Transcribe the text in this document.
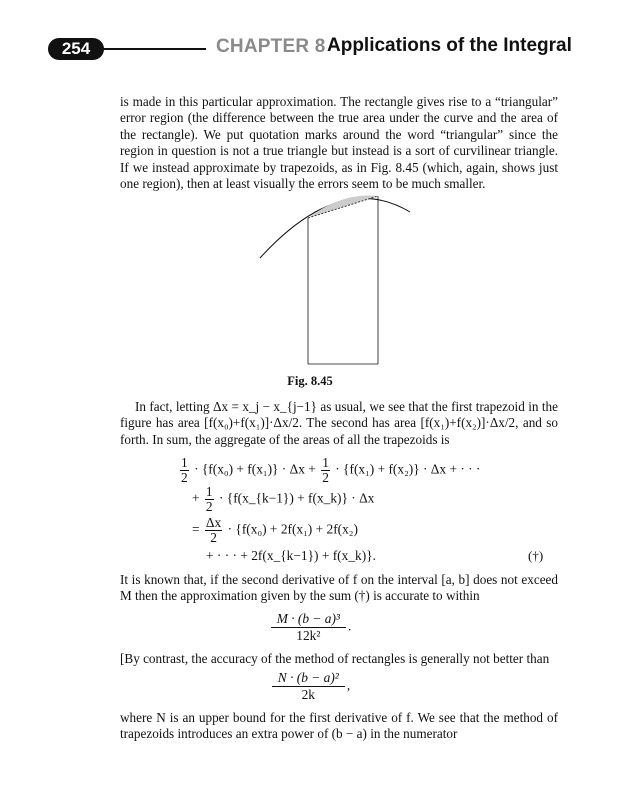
254	CHAPTER 8 Applications of the Integral
is made in this particular approximation. The rectangle gives rise to a “triangular” error region (the difference between the true area under the curve and the area of the rectangle). We put quotation marks around the word “triangular” since the region in question is not a true triangle but instead is a sort of curvilinear triangle. If we instead approximate by trapezoids, as in Fig. 8.45 (which, again, shows just one region), then at least visually the errors seem to be much smaller.
Fig. 8.45
In fact, letting Δx = x_j − x_{j−1} as usual, we see that the first trapezoid in the figure has area [f(x₀)+f(x₁)]·Δx/2. The second has area [f(x₁)+f(x₂)]·Δx/2, and so forth. In sum, the aggregate of the areas of all the trapezoids is
$\frac{1}{2} \cdot \{f(x_0) + f(x_1)\} \cdot \Delta x + \frac{1}{2} \cdot \{f(x_1) + f(x_2)\} \cdot \Delta x$ + · · ·
+ $\frac{1}{2}$ · {f(x_{k−1}) + f(x_k)} · Δx
= $\frac{\Delta x}{2} \cdot \{f(x_0) + 2f(x_1) + 2f(x_2)$
+ · · · + 2f(x_{k−1}) + f(x_k)}.	(†)
It is known that, if the second derivative of f on the interval [a, b] does not exceed M then the approximation given by the sum (†) is accurate to within
$\frac{\text{M · (b − a)³}}{\text{12k²}}$ .
[By contrast, the accuracy of the method of rectangles is generally not better than
$\frac{\text{N · (b − a)²}}{2k}$ ,
where N is an upper bound for the first derivative of f. We see that the method of trapezoids introduces an extra power of (b − a) in the numerator
